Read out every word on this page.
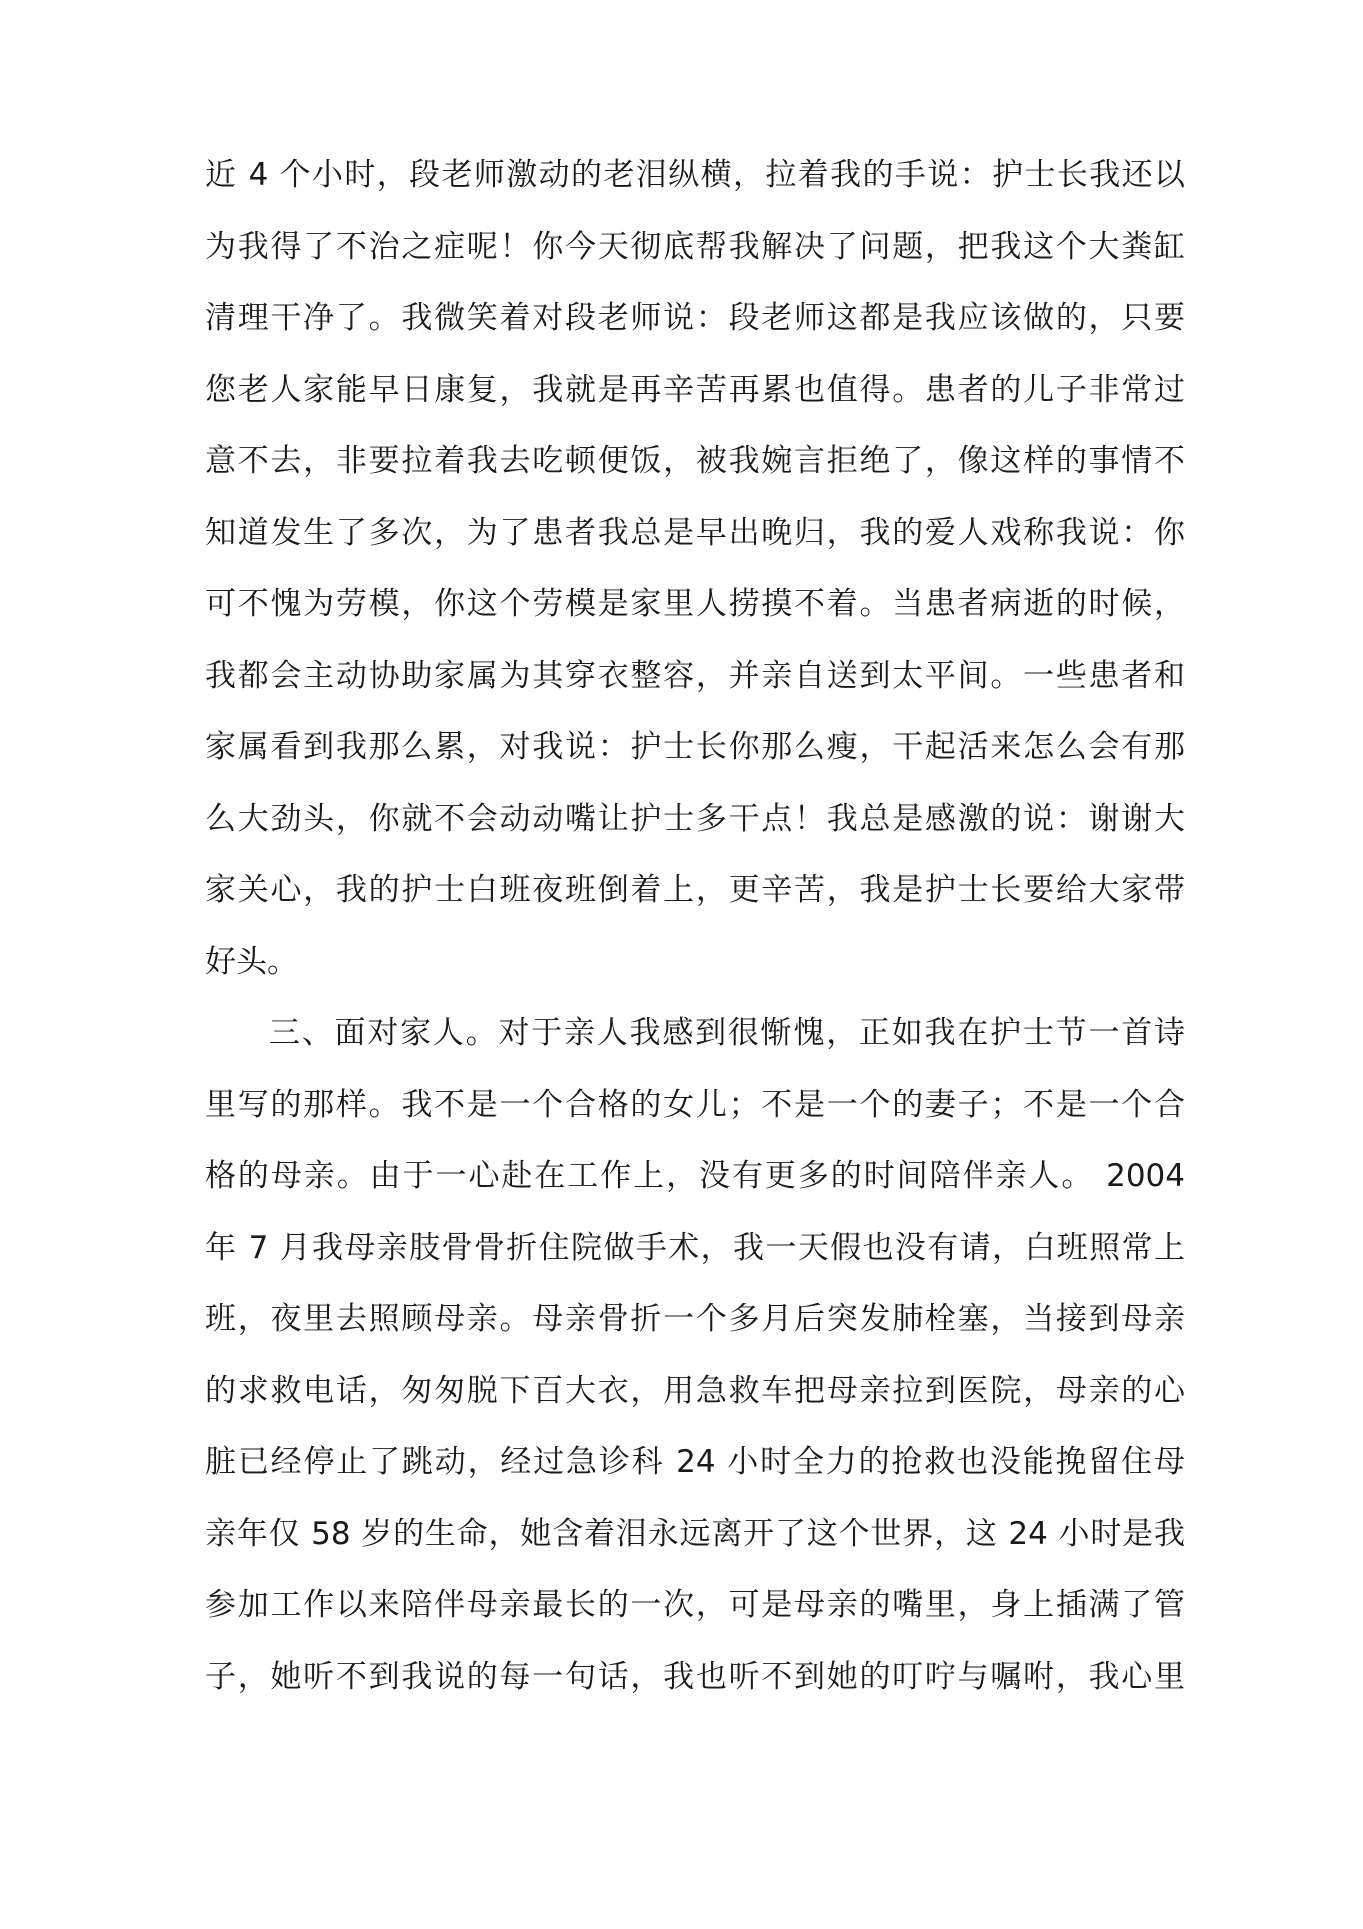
近 4 个小时，段老师激动的老泪纵横，拉着我的手说：护士长我还以
为我得了不治之症呢！你今天彻底帮我解决了问题，把我这个大粪缸
清理干净了。我微笑着对段老师说：段老师这都是我应该做的，只要
您老人家能早日康复，我就是再辛苦再累也值得。患者的儿子非常过
意不去，非要拉着我去吃顿便饭，被我婉言拒绝了，像这样的事情不
知道发生了多次，为了患者我总是早出晚归，我的爱人戏称我说：你
可不愧为劳模，你这个劳模是家里人捞摸不着。当患者病逝的时候，
我都会主动协助家属为其穿衣整容，并亲自送到太平间。一些患者和
家属看到我那么累，对我说：护士长你那么瘦，干起活来怎么会有那
么大劲头，你就不会动动嘴让护士多干点！我总是感激的说：谢谢大
家关心，我的护士白班夜班倒着上，更辛苦，我是护士长要给大家带
好头。
三、面对家人。对于亲人我感到很惭愧，正如我在护士节一首诗
里写的那样。我不是一个合格的女儿；不是一个的妻子；不是一个合
格的母亲。由于一心赴在工作上，没有更多的时间陪伴亲人。 2004
年 7 月我母亲肢骨骨折住院做手术，我一天假也没有请，白班照常上
班，夜里去照顾母亲。母亲骨折一个多月后突发肺栓塞，当接到母亲
的求救电话，匆匆脱下百大衣，用急救车把母亲拉到医院，母亲的心
脏已经停止了跳动，经过急诊科 24 小时全力的抢救也没能挽留住母
亲年仅 58 岁的生命，她含着泪永远离开了这个世界，这 24 小时是我
参加工作以来陪伴母亲最长的一次，可是母亲的嘴里，身上插满了管
子，她听不到我说的每一句话，我也听不到她的叮咛与嘱咐，我心里
